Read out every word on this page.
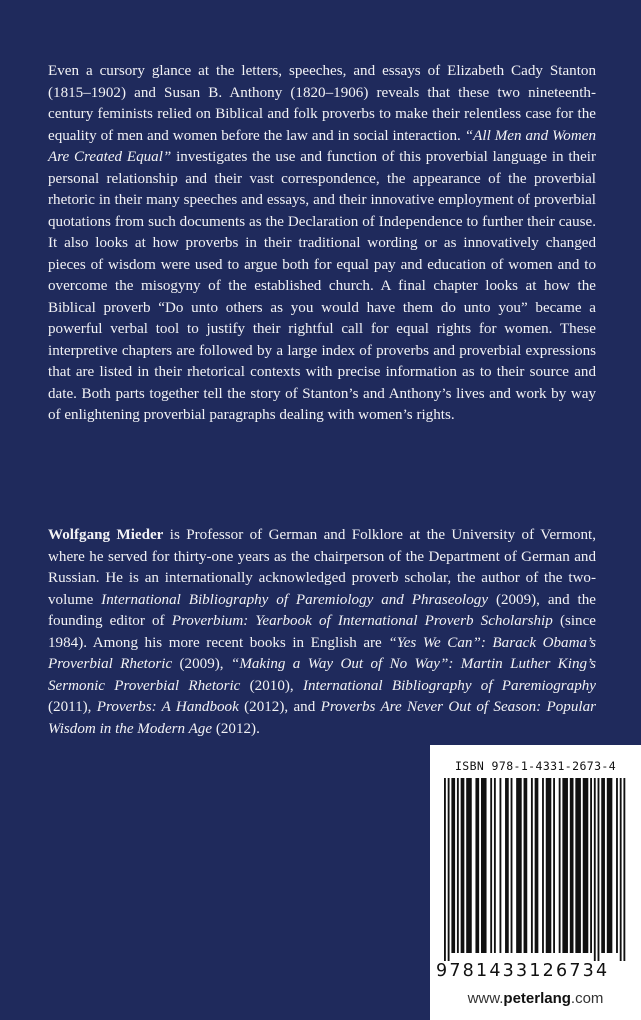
Even a cursory glance at the letters, speeches, and essays of Elizabeth Cady Stanton (1815–1902) and Susan B. Anthony (1820–1906) reveals that these two nineteenth-century feminists relied on Biblical and folk proverbs to make their relentless case for the equality of men and women before the law and in social interaction. “All Men and Women Are Created Equal” investigates the use and function of this proverbial language in their personal relationship and their vast correspondence, the appearance of the proverbial rhetoric in their many speeches and essays, and their innovative employment of proverbial quotations from such documents as the Declaration of Independence to further their cause. It also looks at how proverbs in their traditional wording or as innovatively changed pieces of wisdom were used to argue both for equal pay and education of women and to overcome the misogyny of the established church. A final chapter looks at how the Biblical proverb “Do unto others as you would have them do unto you” became a powerful verbal tool to justify their rightful call for equal rights for women. These interpretive chapters are followed by a large index of proverbs and proverbial expressions that are listed in their rhetorical contexts with precise information as to their source and date. Both parts together tell the story of Stanton’s and Anthony’s lives and work by way of enlightening proverbial paragraphs dealing with women’s rights.

Wolfgang Mieder is Professor of German and Folklore at the University of Vermont, where he served for thirty-one years as the chairperson of the Department of German and Russian. He is an internationally acknowledged proverb scholar, the author of the two-volume International Bibliography of Paremiology and Phraseology (2009), and the founding editor of Proverbium: Yearbook of International Proverb Scholarship (since 1984). Among his more recent books in English are “Yes We Can”: Barack Obama’s Proverbial Rhetoric (2009), “Making a Way Out of No Way”: Martin Luther King’s Sermonic Proverbial Rhetoric (2010), International Bibliography of Paremiography (2011), Proverbs: A Handbook (2012), and Proverbs Are Never Out of Season: Popular Wisdom in the Modern Age (2012).

ISBN 978-1-4331-2673-4
9781433126734
www.peterlang.com
